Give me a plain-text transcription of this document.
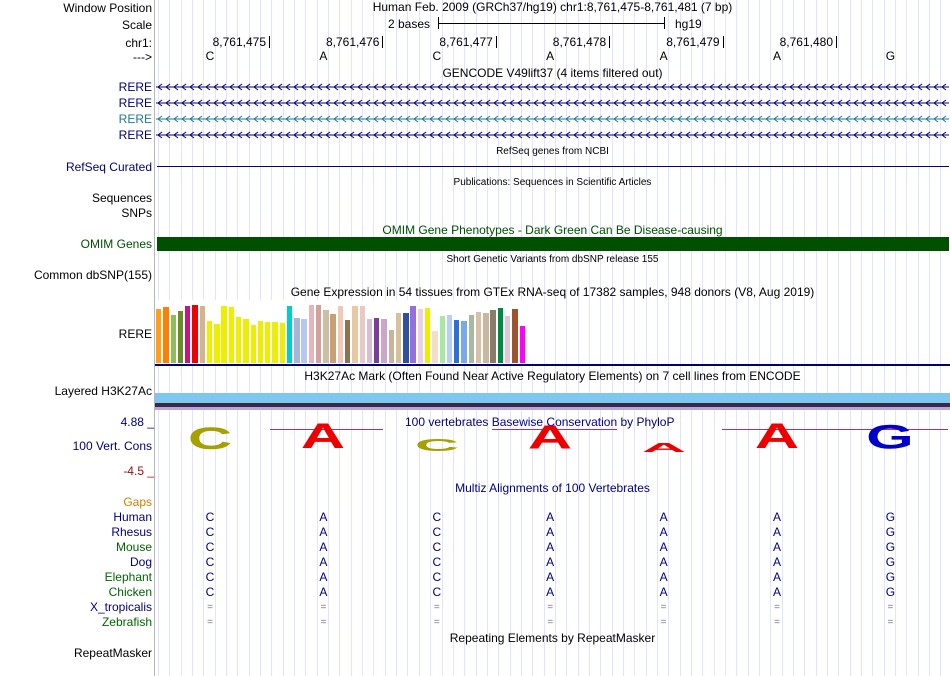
Window Position	Human Feb. 2009 (GRCh37/hg19) chr1:8,761,475-8,761,481 (7 bp)
Scale	2 bases	hg19
chr1:	8,761,475	8,761,476	8,761,477	8,761,478	8,761,479	8,761,480
--->	C	A	C	A	A	A	G
GENCODE V49lift37 (4 items filtered out)
RERE
RERE
RERE
RERE
RefSeq genes from NCBI
RefSeq Curated
Publications: Sequences in Scientific Articles
Sequences
SNPs
OMIM Gene Phenotypes - Dark Green Can Be Disease-causing
OMIM Genes
Short Genetic Variants from dbSNP release 155
Common dbSNP(155)
Gene Expression in 54 tissues from GTEx RNA-seq of 17382 samples, 948 donors (V8, Aug 2019)
RERE
H3K27Ac Mark (Often Found Near Active Regulatory Elements) on 7 cell lines from ENCODE
Layered H3K27Ac
4.88 _	100 vertebrates Basewise Conservation by PhyloP
100 Vert. Cons
-4.5 _
C	A	C	A	A	A	G
Multiz Alignments of 100 Vertebrates
Gaps
Human	C	A	C	A	A	A	G
Rhesus	C	A	C	A	A	A	G
Mouse	C	A	C	A	A	A	G
Dog	C	A	C	A	A	A	G
Elephant	C	A	C	A	A	A	G
Chicken	C	A	C	A	A	A	G
X_tropicalis	=	=	=	=	=	=	=
Zebrafish	=	=	=	=	=	=	=
Repeating Elements by RepeatMasker
RepeatMasker
